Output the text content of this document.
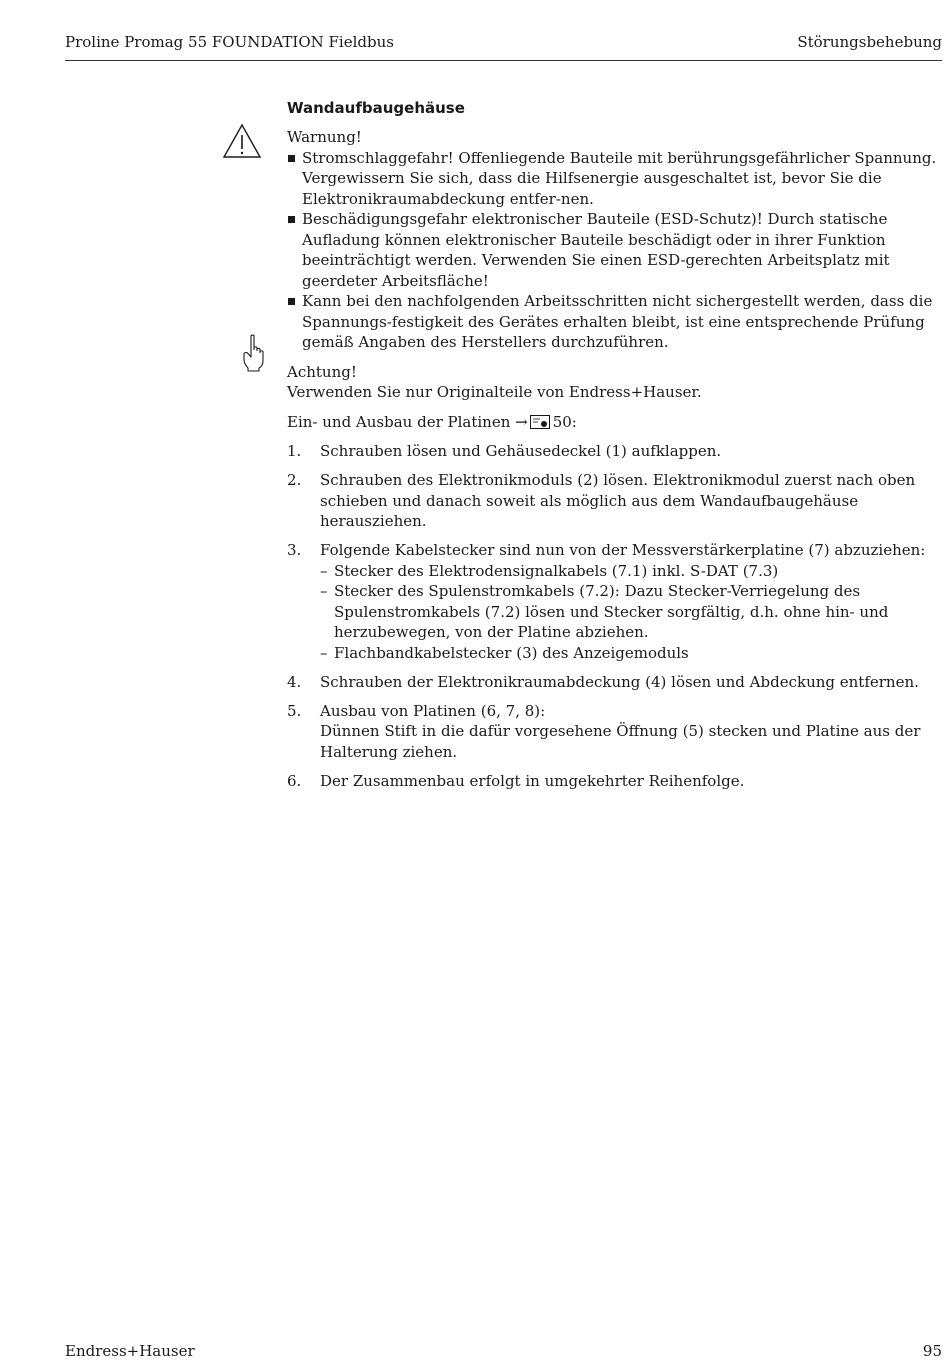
Proline Promag 55 FOUNDATION Fieldbus	Störungsbehebung
Wandaufbaugehäuse

Warnung!

Stromschlaggefahr! Offenliegende Bauteile mit berührungsgefährlicher Spannung. Vergewissern Sie sich, dass die Hilfsenergie ausgeschaltet ist, bevor Sie die Elektronikraumabdeckung entfer-nen.
Beschädigungsgefahr elektronischer Bauteile (ESD-Schutz)! Durch statische Aufladung können elektronischer Bauteile beschädigt oder in ihrer Funktion beeinträchtigt werden. Verwenden Sie einen ESD-gerechten Arbeitsplatz mit geerdeter Arbeitsfläche!
Kann bei den nachfolgenden Arbeitsschritten nicht sichergestellt werden, dass die Spannungs-festigkeit des Gerätes erhalten bleibt, ist eine entsprechende Prüfung gemäß Angaben des Herstellers durchzuführen.

Achtung!

Verwenden Sie nur Originalteile von Endress+Hauser.

Ein- und Ausbau der Platinen → 50:

1. Schrauben lösen und Gehäusedeckel (1) aufklappen.
2. Schrauben des Elektronikmoduls (2) lösen. Elektronikmodul zuerst nach oben schieben und danach soweit als möglich aus dem Wandaufbaugehäuse herausziehen.
3. Folgende Kabelstecker sind nun von der Messverstärkerplatine (7) abzuziehen:
– Stecker des Elektrodensignalkabels (7.1) inkl. S-DAT (7.3)
– Stecker des Spulenstromkabels (7.2): Dazu Stecker-Verriegelung des Spulenstromkabels (7.2) lösen und Stecker sorgfältig, d.h. ohne hin- und herzubewegen, von der Platine abziehen.
– Flachbandkabelstecker (3) des Anzeigemoduls
4. Schrauben der Elektronikraumabdeckung (4) lösen und Abdeckung entfernen.
5. Ausbau von Platinen (6, 7, 8):
Dünnen Stift in die dafür vorgesehene Öffnung (5) stecken und Platine aus der Halterung ziehen.
6. Der Zusammenbau erfolgt in umgekehrter Reihenfolge.
Endress+Hauser	95
